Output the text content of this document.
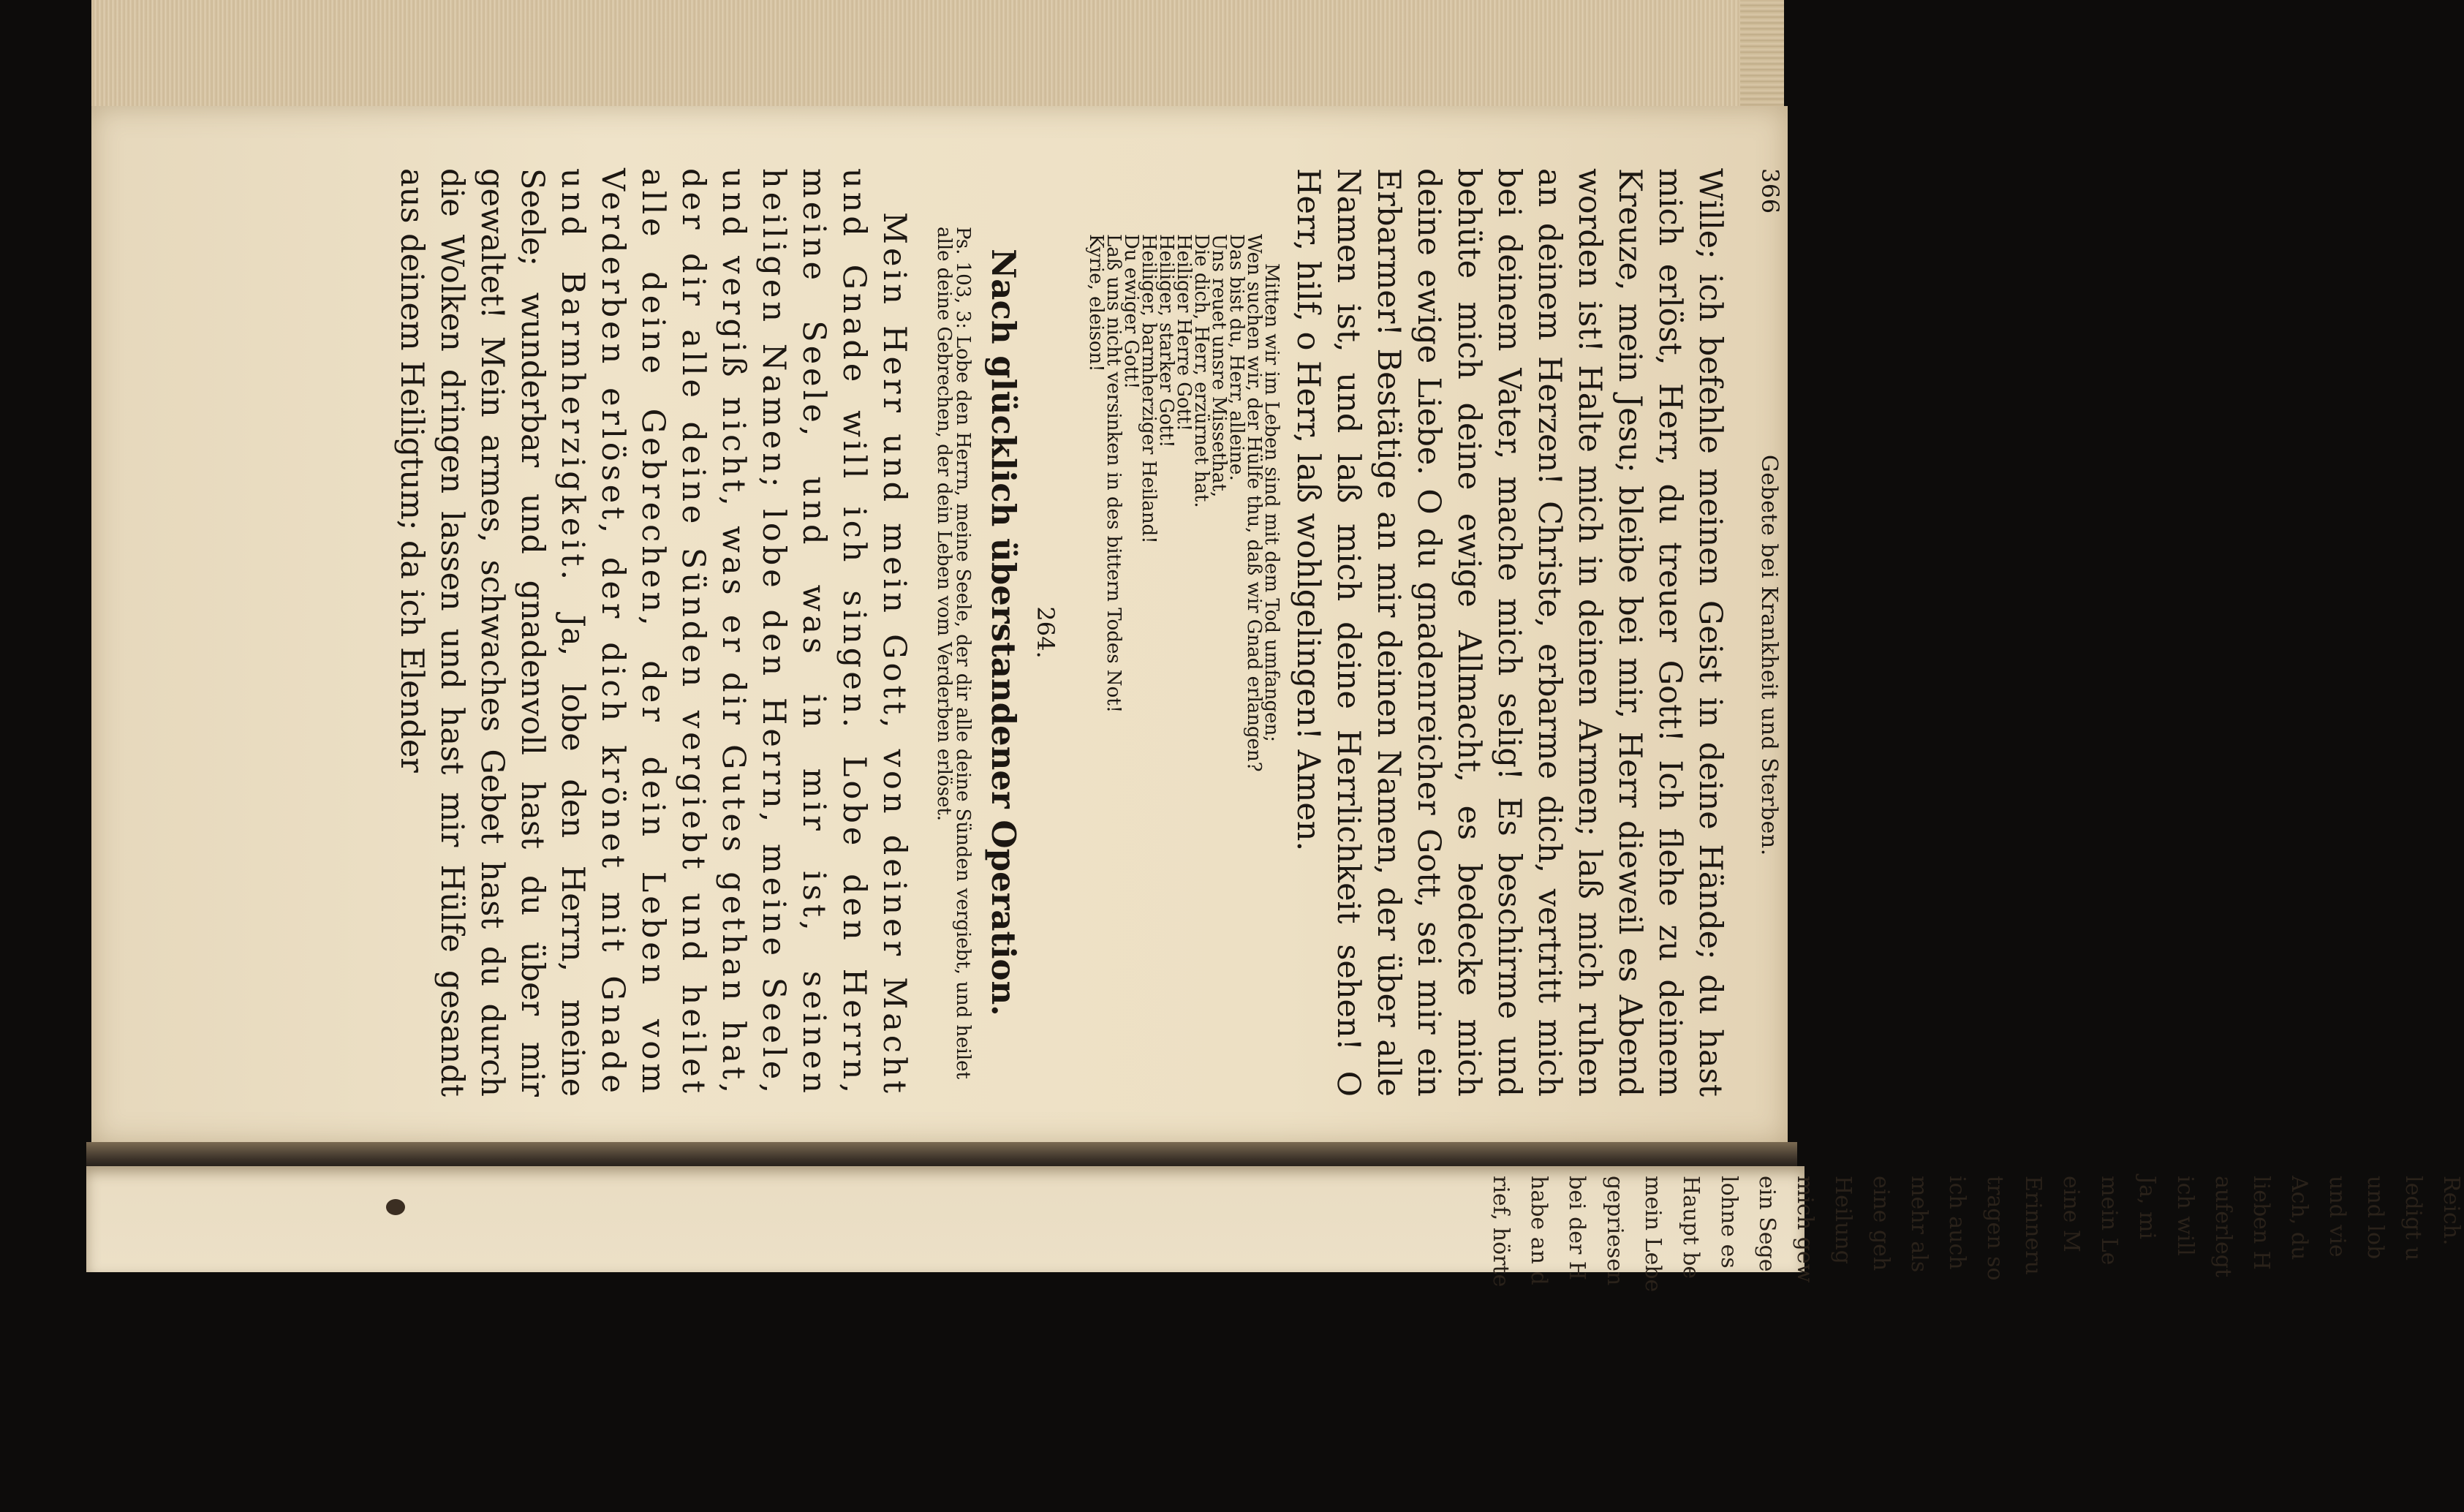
366
Gebete bei Krankheit und Sterben.

Wille; ich befehle meinen Geist in deine Hände; du hast mich erlöst, Herr, du treuer Gott! Ich flehe zu deinem Kreuze, mein Jesu; bleibe bei mir, Herr dieweil es Abend worden ist! Halte mich in deinen Armen; laß mich ruhen an deinem Herzen! Christe, erbarme dich, vertritt mich bei deinem Vater, mache mich selig! Es beschirme und behüte mich deine ewige Allmacht, es bedecke mich deine ewige Liebe. O du gnadenreicher Gott, sei mir ein Erbarmer! Bestätige an mir deinen Namen, der über alle Namen ist, und laß mich deine Herrlichkeit sehen! O Herr, hilf, o Herr, laß wohlgelingen! Amen.

Mitten wir im Leben sind mit dem Tod umfangen;
Wen suchen wir, der Hülfe thu, daß wir Gnad erlangen?
Das bist du, Herr, alleine.
Uns reuet unsre Missethat,
Die dich, Herr, erzürnet hat.
Heiliger Herre Gott!
Heiliger, starker Gott!
Heiliger, barmherziger Heiland!
Du ewiger Gott!
Laß uns nicht versinken in des bittern Todes Not!
Kyrie, eleison!
264.
Nach glücklich überstandener Operation.
Ps. 103, 3: Lobe den Herrn, meine Seele, der dir alle deine Sünden vergiebt, und heilet alle deine Gebrechen, der dein Leben vom Verderben erlöset.

Mein Herr und mein Gott, von deiner Macht und Gnade will ich singen. Lobe den Herrn, meine Seele, und was in mir ist, seinen heiligen Namen; lobe den Herrn, meine Seele, und vergiß nicht, was er dir Gutes gethan hat, der dir alle deine Sünden vergiebt und heilet alle deine Gebrechen, der dein Leben vom Verderben erlöset, der dich krönet mit Gnade und Barmherzigkeit. Ja, lobe den Herrn, meine Seele; wunderbar und gnadenvoll hast du über mir gewaltet! Mein armes, schwaches Gebet hast du durch die Wolken dringen lassen und hast mir Hülfe gesandt aus deinem Heiligtum; da ich Elender

rief, hörte habe an d bei der H gepriesen mein Lebe Haupt be lohne es ein Sege mich gew Heilung eine geh mehr als ich auch tragen so Erinneru eine M mein Le Ja, mi ich will auferlegt lieben H Ach, du und vie und lob ledigt u Reich.
